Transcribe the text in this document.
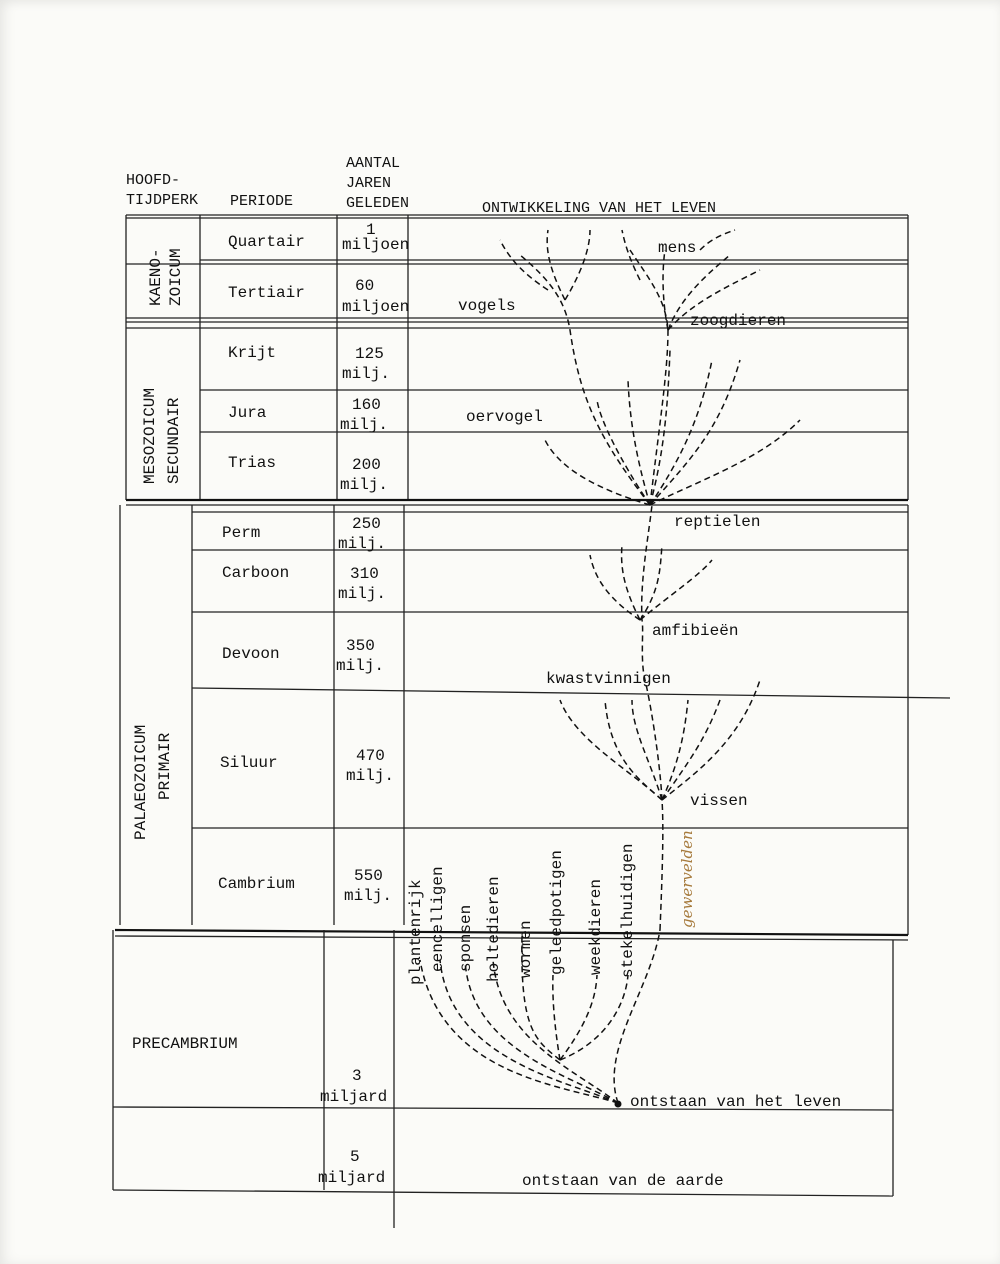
HOOFD-
TIJDPERK PERIODE
AANTAL
JAREN
GELEDEN	ONTWIKKELING VAN HET LEVEN
KAENO- ZOICUM
MESOZOICUM SECUNDAIR
PALAEOZOICUM PRIMAIR
PRECAMBRIUM
Quartair
Tertiair
Krijt
Jura
Trias
Perm
Carboon
Devoon
Siluur
Cambrium
1
miljoen
60
miljoen
125
milj.
160
milj.
200
milj.
250
milj.
310
milj.
350
milj.
470
milj.
550
milj.
3
miljard
5
miljard
mens
vogels
zoogdieren
oervogel
reptielen
amfibieën
kwastvinnigen
vissen
ontstaan van het leven
ontstaan van de aarde
plantenrijk eencelligen sponsen holtedieren wormen geleedpotigen weekdieren stekelhuidigen	gewervelden
